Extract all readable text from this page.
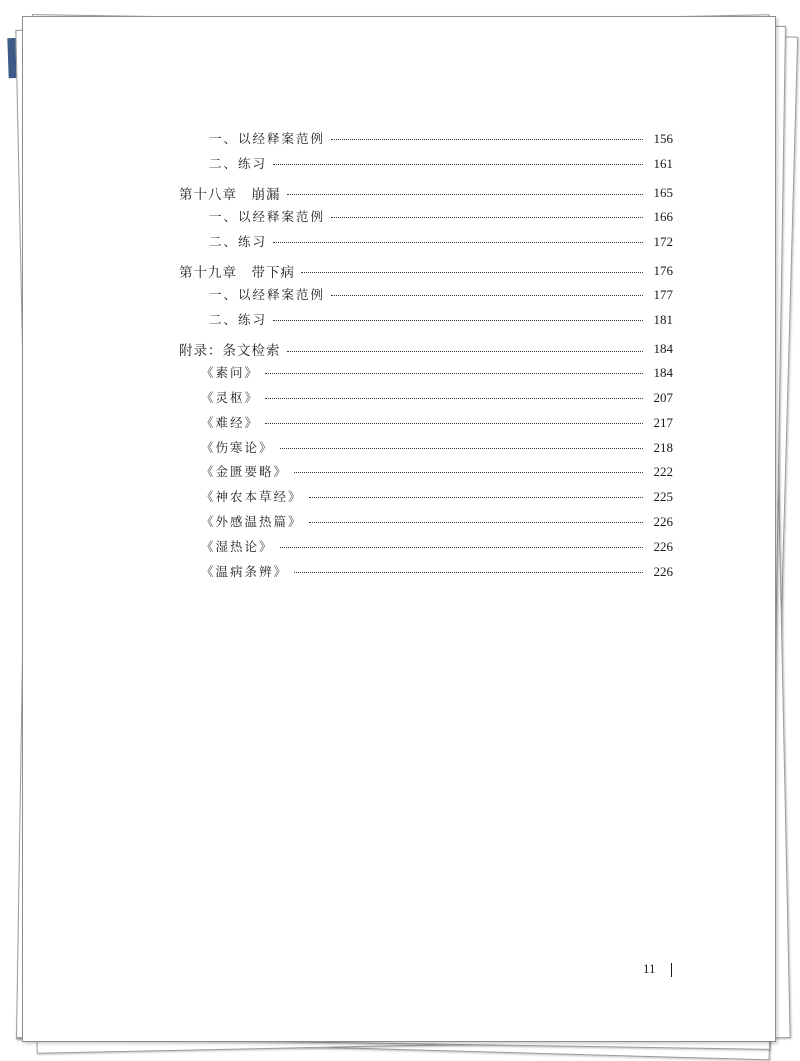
一、以经释案范例	156
二、练习	161
第十八章　崩漏	165
一、以经释案范例	166
二、练习	172
第十九章　带下病	176
一、以经释案范例	177
二、练习	181
附录：条文检索	184
《素问》	184
《灵枢》	207
《难经》	217
《伤寒论》	218
《金匮要略》	222
《神农本草经》	225
《外感温热篇》	226
《湿热论》	226
《温病条辨》	226
11
